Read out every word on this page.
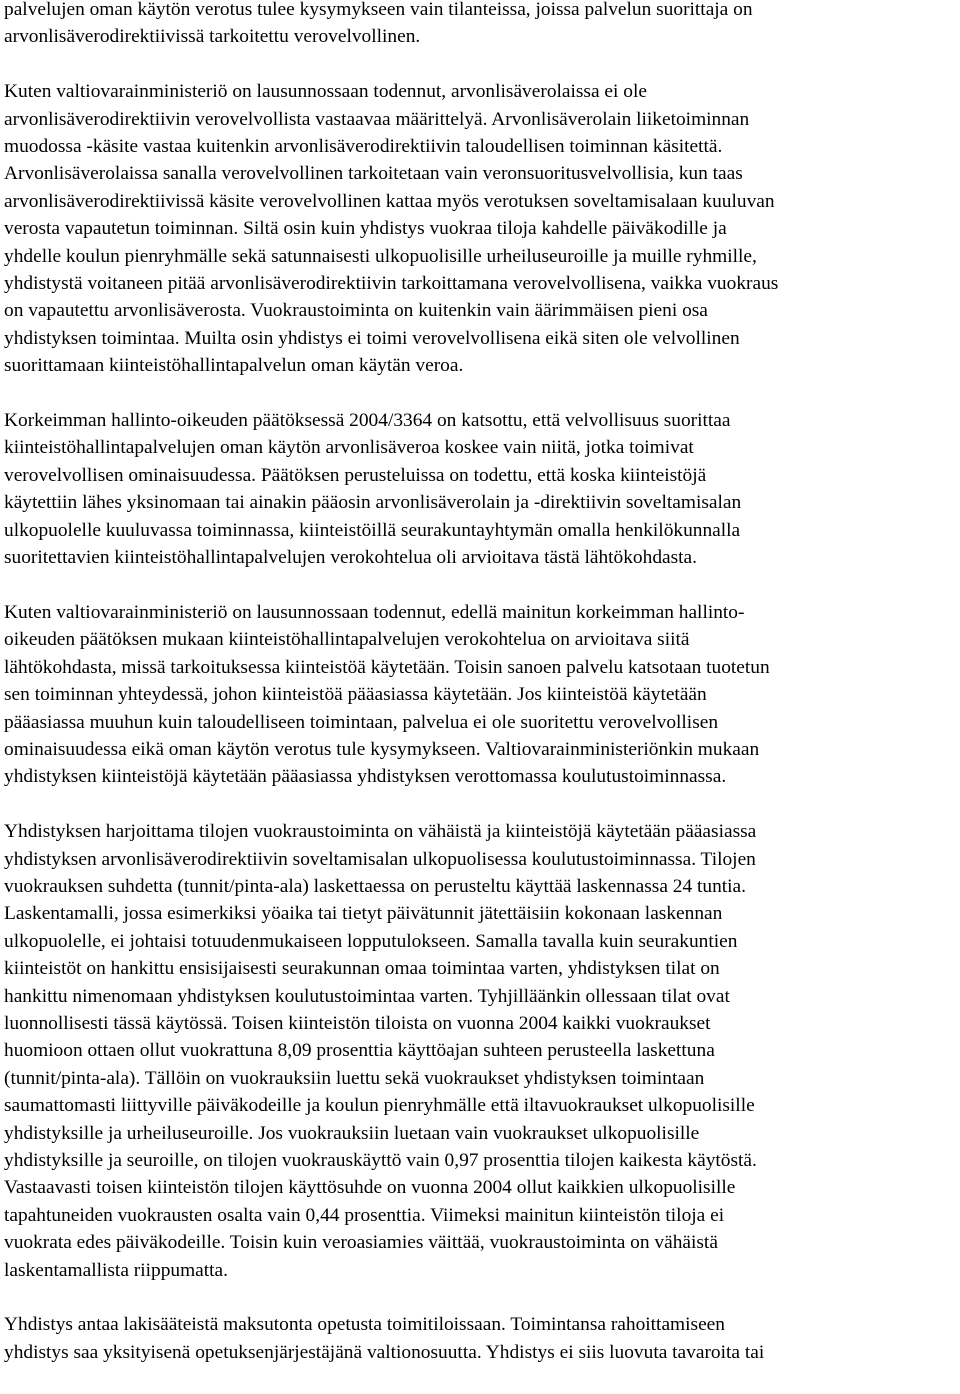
palvelujen oman käytön verotus tulee kysymykseen vain tilanteissa, joissa palvelun suorittaja on
arvonlisäverodirektiivissä tarkoitettu verovelvollinen.

Kuten valtiovarainministeriö on lausunnossaan todennut, arvonlisäverolaissa ei ole
arvonlisäverodirektiivin verovelvollista vastaavaa määrittelyä. Arvonlisäverolain liiketoiminnan
muodossa -käsite vastaa kuitenkin arvonlisäverodirektiivin taloudellisen toiminnan käsitettä.
Arvonlisäverolaissa sanalla verovelvollinen tarkoitetaan vain veronsuoritusvelvollisia, kun taas
arvonlisäverodirektiivissä käsite verovelvollinen kattaa myös verotuksen soveltamisalaan kuuluvan
verosta vapautetun toiminnan. Siltä osin kuin yhdistys vuokraa tiloja kahdelle päiväkodille ja
yhdelle koulun pienryhmälle sekä satunnaisesti ulkopuolisille urheiluseuroille ja muille ryhmille,
yhdistystä voitaneen pitää arvonlisäverodirektiivin tarkoittamana verovelvollisena, vaikka vuokraus
on vapautettu arvonlisäverosta. Vuokraustoiminta on kuitenkin vain äärimmäisen pieni osa
yhdistyksen toimintaa. Muilta osin yhdistys ei toimi verovelvollisena eikä siten ole velvollinen
suorittamaan kiinteistöhallintapalvelun oman käytän veroa.

Korkeimman hallinto-oikeuden päätöksessä 2004/3364 on katsottu, että velvollisuus suorittaa
kiinteistöhallintapalvelujen oman käytön arvonlisäveroa koskee vain niitä, jotka toimivat
verovelvollisen ominaisuudessa. Päätöksen perusteluissa on todettu, että koska kiinteistöjä
käytettiin lähes yksinomaan tai ainakin pääosin arvonlisäverolain ja -direktiivin soveltamisalan
ulkopuolelle kuuluvassa toiminnassa, kiinteistöillä seurakuntayhtymän omalla henkilökunnalla
suoritettavien kiinteistöhallintapalvelujen verokohtelua oli arvioitava tästä lähtökohdasta.

Kuten valtiovarainministeriö on lausunnossaan todennut, edellä mainitun korkeimman hallinto-
oikeuden päätöksen mukaan kiinteistöhallintapalvelujen verokohtelua on arvioitava siitä
lähtökohdasta, missä tarkoituksessa kiinteistöä käytetään. Toisin sanoen palvelu katsotaan tuotetun
sen toiminnan yhteydessä, johon kiinteistöä pääasiassa käytetään. Jos kiinteistöä käytetään
pääasiassa muuhun kuin taloudelliseen toimintaan, palvelua ei ole suoritettu verovelvollisen
ominaisuudessa eikä oman käytön verotus tule kysymykseen. Valtiovarainministeriönkin mukaan
yhdistyksen kiinteistöjä käytetään pääasiassa yhdistyksen verottomassa koulutustoiminnassa.

Yhdistyksen harjoittama tilojen vuokraustoiminta on vähäistä ja kiinteistöjä käytetään pääasiassa
yhdistyksen arvonlisäverodirektiivin soveltamisalan ulkopuolisessa koulutustoiminnassa. Tilojen
vuokrauksen suhdetta (tunnit/pinta-ala) laskettaessa on perusteltu käyttää laskennassa 24 tuntia.
Laskentamalli, jossa esimerkiksi yöaika tai tietyt päivätunnit jätettäisiin kokonaan laskennan
ulkopuolelle, ei johtaisi totuudenmukaiseen lopputulokseen. Samalla tavalla kuin seurakuntien
kiinteistöt on hankittu ensisijaisesti seurakunnan omaa toimintaa varten, yhdistyksen tilat on
hankittu nimenomaan yhdistyksen koulutustoimintaa varten. Tyhjilläänkin ollessaan tilat ovat
luonnollisesti tässä käytössä. Toisen kiinteistön tiloista on vuonna 2004 kaikki vuokraukset
huomioon ottaen ollut vuokrattuna 8,09 prosenttia käyttöajan suhteen perusteella laskettuna
(tunnit/pinta-ala). Tällöin on vuokrauksiin luettu sekä vuokraukset yhdistyksen toimintaan
saumattomasti liittyville päiväkodeille ja koulun pienryhmälle että iltavuokraukset ulkopuolisille
yhdistyksille ja urheiluseuroille. Jos vuokrauksiin luetaan vain vuokraukset ulkopuolisille
yhdistyksille ja seuroille, on tilojen vuokrauskäyttö vain 0,97 prosenttia tilojen kaikesta käytöstä.
Vastaavasti toisen kiinteistön tilojen käyttösuhde on vuonna 2004 ollut kaikkien ulkopuolisille
tapahtuneiden vuokrausten osalta vain 0,44 prosenttia. Viimeksi mainitun kiinteistön tiloja ei
vuokrata edes päiväkodeille. Toisin kuin veroasiamies väittää, vuokraustoiminta on vähäistä
laskentamallista riippumatta.

Yhdistys antaa lakisääteistä maksutonta opetusta toimitiloissaan. Toimintansa rahoittamiseen
yhdistys saa yksityisenä opetuksenjärjestäjänä valtionosuutta. Yhdistys ei siis luovuta tavaroita tai
